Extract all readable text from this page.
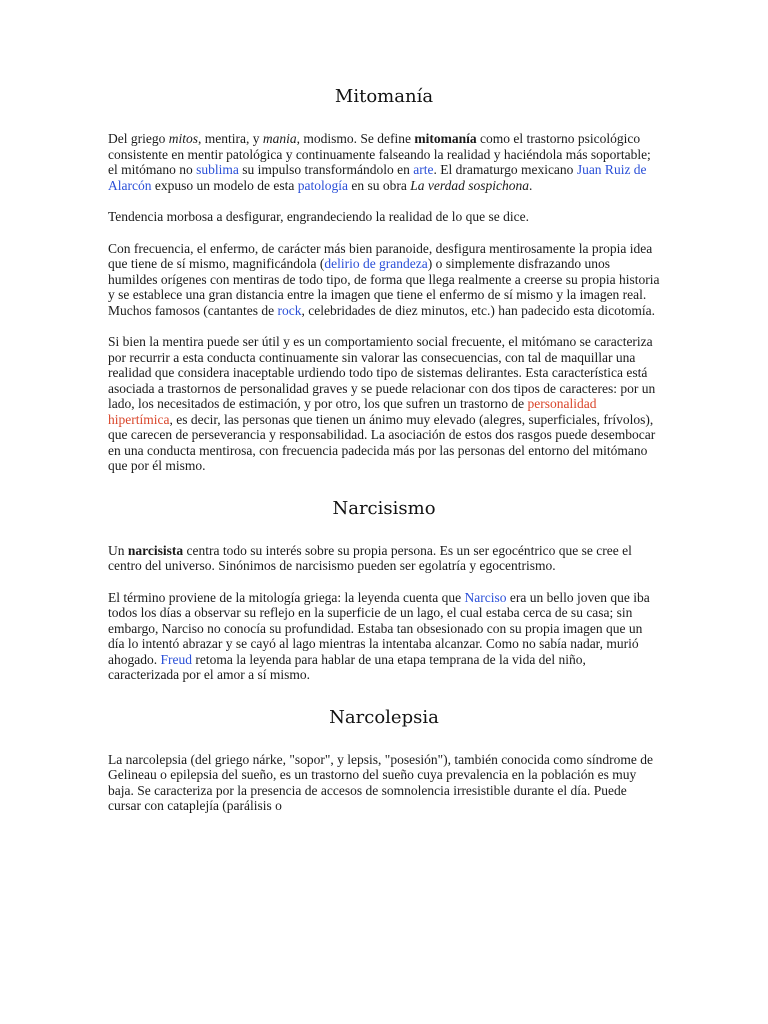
Mitomanía

Del griego mitos, mentira, y mania, modismo. Se define mitomanía como el trastorno psicológico consistente en mentir patológica y continuamente falseando la realidad y haciéndola más soportable; el mitómano no sublima su impulso transformándolo en arte. El dramaturgo mexicano Juan Ruiz de Alarcón expuso un modelo de esta patología en su obra La verdad sospichona.

Tendencia morbosa a desfigurar, engrandeciendo la realidad de lo que se dice.

Con frecuencia, el enfermo, de carácter más bien paranoide, desfigura mentirosamente la propia idea que tiene de sí mismo, magnificándola (delirio de grandeza) o simplemente disfrazando unos humildes orígenes con mentiras de todo tipo, de forma que llega realmente a creerse su propia historia y se establece una gran distancia entre la imagen que tiene el enfermo de sí mismo y la imagen real. Muchos famosos (cantantes de rock, celebridades de diez minutos, etc.) han padecido esta dicotomía.

Si bien la mentira puede ser útil y es un comportamiento social frecuente, el mitómano se caracteriza por recurrir a esta conducta continuamente sin valorar las consecuencias, con tal de maquillar una realidad que considera inaceptable urdiendo todo tipo de sistemas delirantes. Esta característica está asociada a trastornos de personalidad graves y se puede relacionar con dos tipos de caracteres: por un lado, los necesitados de estimación, y por otro, los que sufren un trastorno de personalidad hipertímica, es decir, las personas que tienen un ánimo muy elevado (alegres, superficiales, frívolos), que carecen de perseverancia y responsabilidad. La asociación de estos dos rasgos puede desembocar en una conducta mentirosa, con frecuencia padecida más por las personas del entorno del mitómano que por él mismo.

Narcisismo

Un narcisista centra todo su interés sobre su propia persona. Es un ser egocéntrico que se cree el centro del universo. Sinónimos de narcisismo pueden ser egolatría y egocentrismo.

El término proviene de la mitología griega: la leyenda cuenta que Narciso era un bello joven que iba todos los días a observar su reflejo en la superficie de un lago, el cual estaba cerca de su casa; sin embargo, Narciso no conocía su profundidad. Estaba tan obsesionado con su propia imagen que un día lo intentó abrazar y se cayó al lago mientras la intentaba alcanzar. Como no sabía nadar, murió ahogado. Freud retoma la leyenda para hablar de una etapa temprana de la vida del niño, caracterizada por el amor a sí mismo.

Narcolepsia

La narcolepsia (del griego nárke, "sopor", y lepsis, "posesión"), también conocida como síndrome de Gelineau o epilepsia del sueño, es un trastorno del sueño cuya prevalencia en la población es muy baja. Se caracteriza por la presencia de accesos de somnolencia irresistible durante el día. Puede cursar con cataplejía (parálisis o
